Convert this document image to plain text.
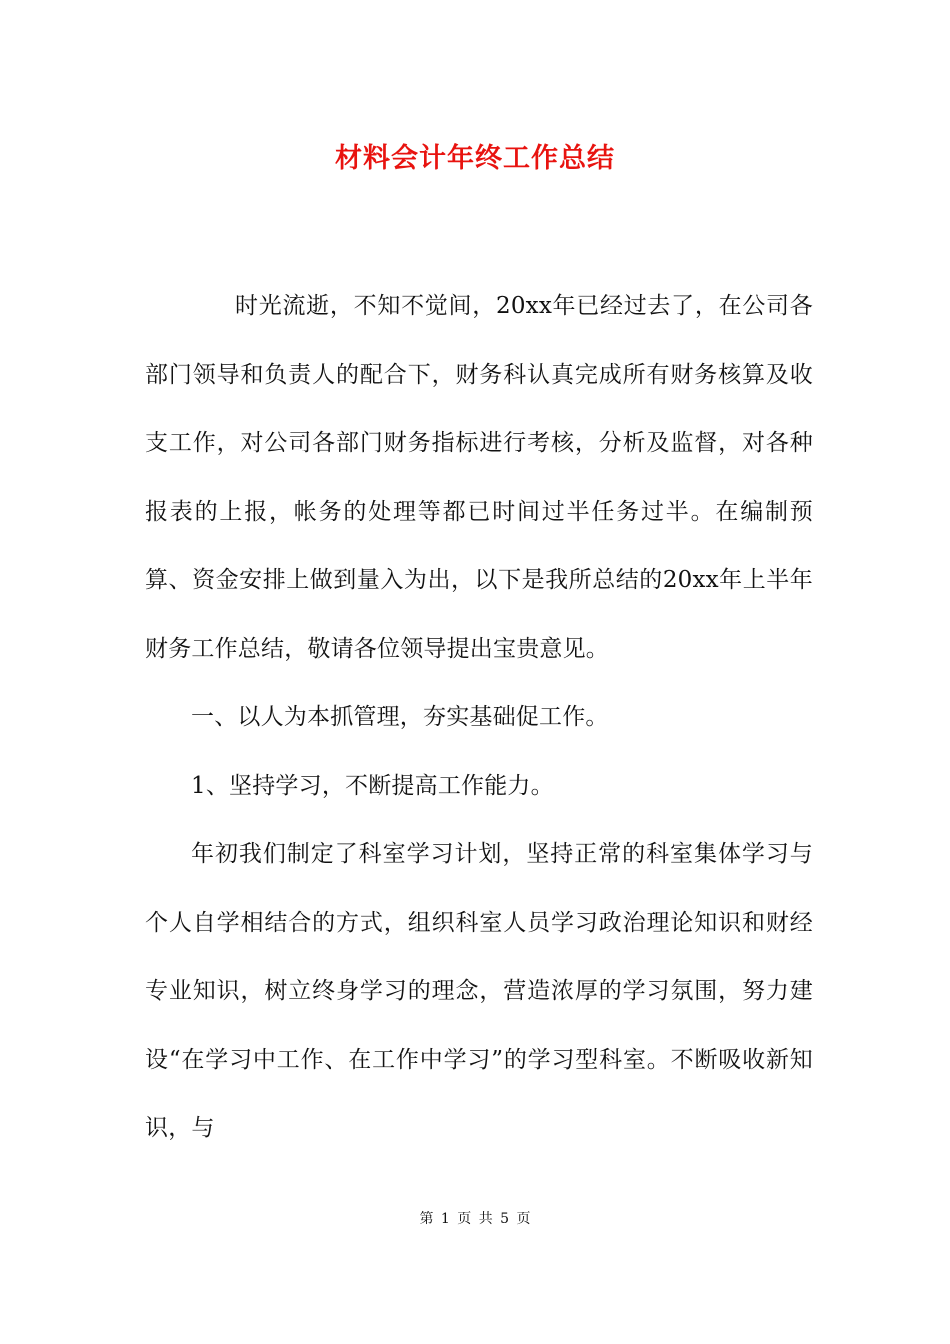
材料会计年终工作总结

时光流逝，不知不觉间，20xx年已经过去了，在公司各部门领导和负责人的配合下，财务科认真完成所有财务核算及收支工作，对公司各部门财务指标进行考核，分析及监督，对各种报表的上报，帐务的处理等都已时间过半任务过半。在编制预算、资金安排上做到量入为出，以下是我所总结的20xx年上半年财务工作总结，敬请各位领导提出宝贵意见。

一、以人为本抓管理，夯实基础促工作。

1、坚持学习，不断提高工作能力。

年初我们制定了科室学习计划，坚持正常的科室集体学习与个人自学相结合的方式，组织科室人员学习政治理论知识和财经专业知识，树立终身学习的理念，营造浓厚的学习氛围，努力建设“在学习中工作、在工作中学习”的学习型科室。不断吸收新知识，与

第 1 页 共 5 页
